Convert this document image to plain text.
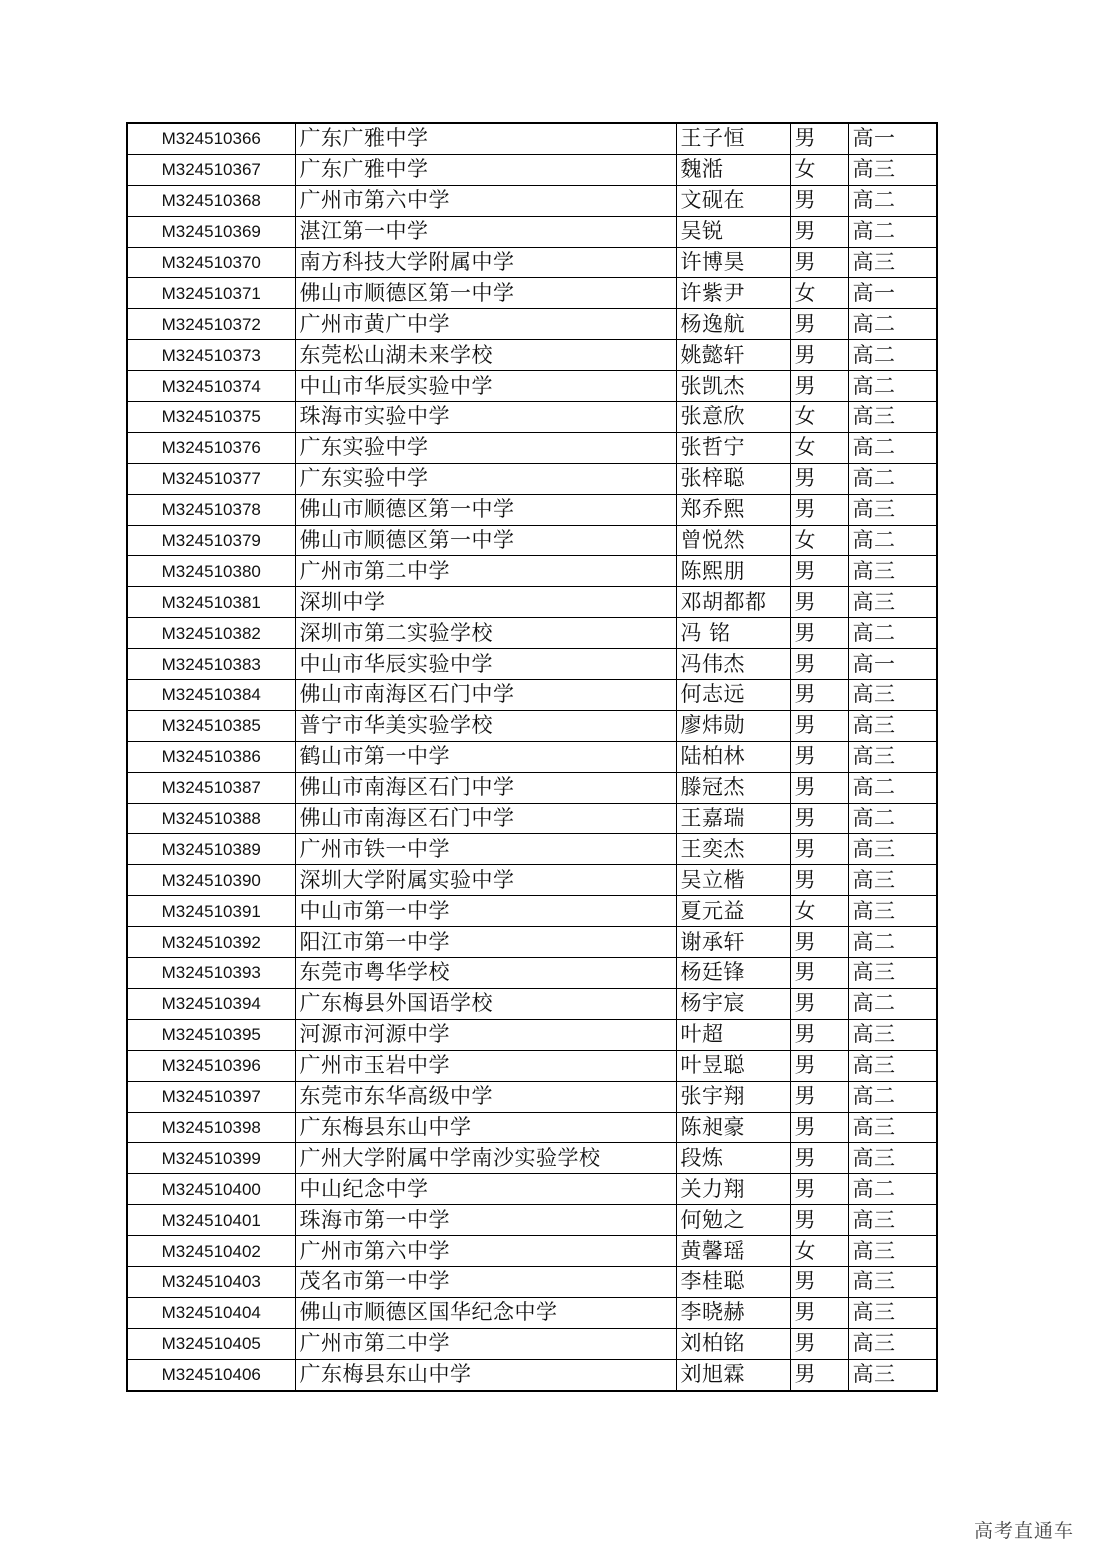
M324510366	广东广雅中学	王子恒	男	高一
M324510367	广东广雅中学	魏湉	女	高三
M324510368	广州市第六中学	文砚在	男	高二
M324510369	湛江第一中学	吴锐	男	高二
M324510370	南方科技大学附属中学	许博昊	男	高三
M324510371	佛山市顺德区第一中学	许紫尹	女	高一
M324510372	广州市黄广中学	杨逸航	男	高二
M324510373	东莞松山湖未来学校	姚懿轩	男	高二
M324510374	中山市华辰实验中学	张凯杰	男	高二
M324510375	珠海市实验中学	张意欣	女	高三
M324510376	广东实验中学	张哲宁	女	高二
M324510377	广东实验中学	张梓聪	男	高二
M324510378	佛山市顺德区第一中学	郑乔熙	男	高三
M324510379	佛山市顺德区第一中学	曾悦然	女	高二
M324510380	广州市第二中学	陈熙朋	男	高三
M324510381	深圳中学	邓胡都都	男	高三
M324510382	深圳市第二实验学校	冯 铭	男	高二
M324510383	中山市华辰实验中学	冯伟杰	男	高一
M324510384	佛山市南海区石门中学	何志远	男	高三
M324510385	普宁市华美实验学校	廖炜勋	男	高三
M324510386	鹤山市第一中学	陆柏林	男	高三
M324510387	佛山市南海区石门中学	滕冠杰	男	高二
M324510388	佛山市南海区石门中学	王嘉瑞	男	高二
M324510389	广州市铁一中学	王奕杰	男	高三
M324510390	深圳大学附属实验中学	吴立楷	男	高三
M324510391	中山市第一中学	夏元益	女	高三
M324510392	阳江市第一中学	谢承轩	男	高二
M324510393	东莞市粤华学校	杨廷锋	男	高三
M324510394	广东梅县外国语学校	杨宇宸	男	高二
M324510395	河源市河源中学	叶超	男	高三
M324510396	广州市玉岩中学	叶昱聪	男	高三
M324510397	东莞市东华高级中学	张宇翔	男	高二
M324510398	广东梅县东山中学	陈昶豪	男	高三
M324510399	广州大学附属中学南沙实验学校	段炼	男	高三
M324510400	中山纪念中学	关力翔	男	高二
M324510401	珠海市第一中学	何勉之	男	高三
M324510402	广州市第六中学	黄馨瑶	女	高三
M324510403	茂名市第一中学	李桂聪	男	高三
M324510404	佛山市顺德区国华纪念中学	李晓赫	男	高三
M324510405	广州市第二中学	刘柏铭	男	高三
M324510406	广东梅县东山中学	刘旭霖	男	高三
高考直通车
